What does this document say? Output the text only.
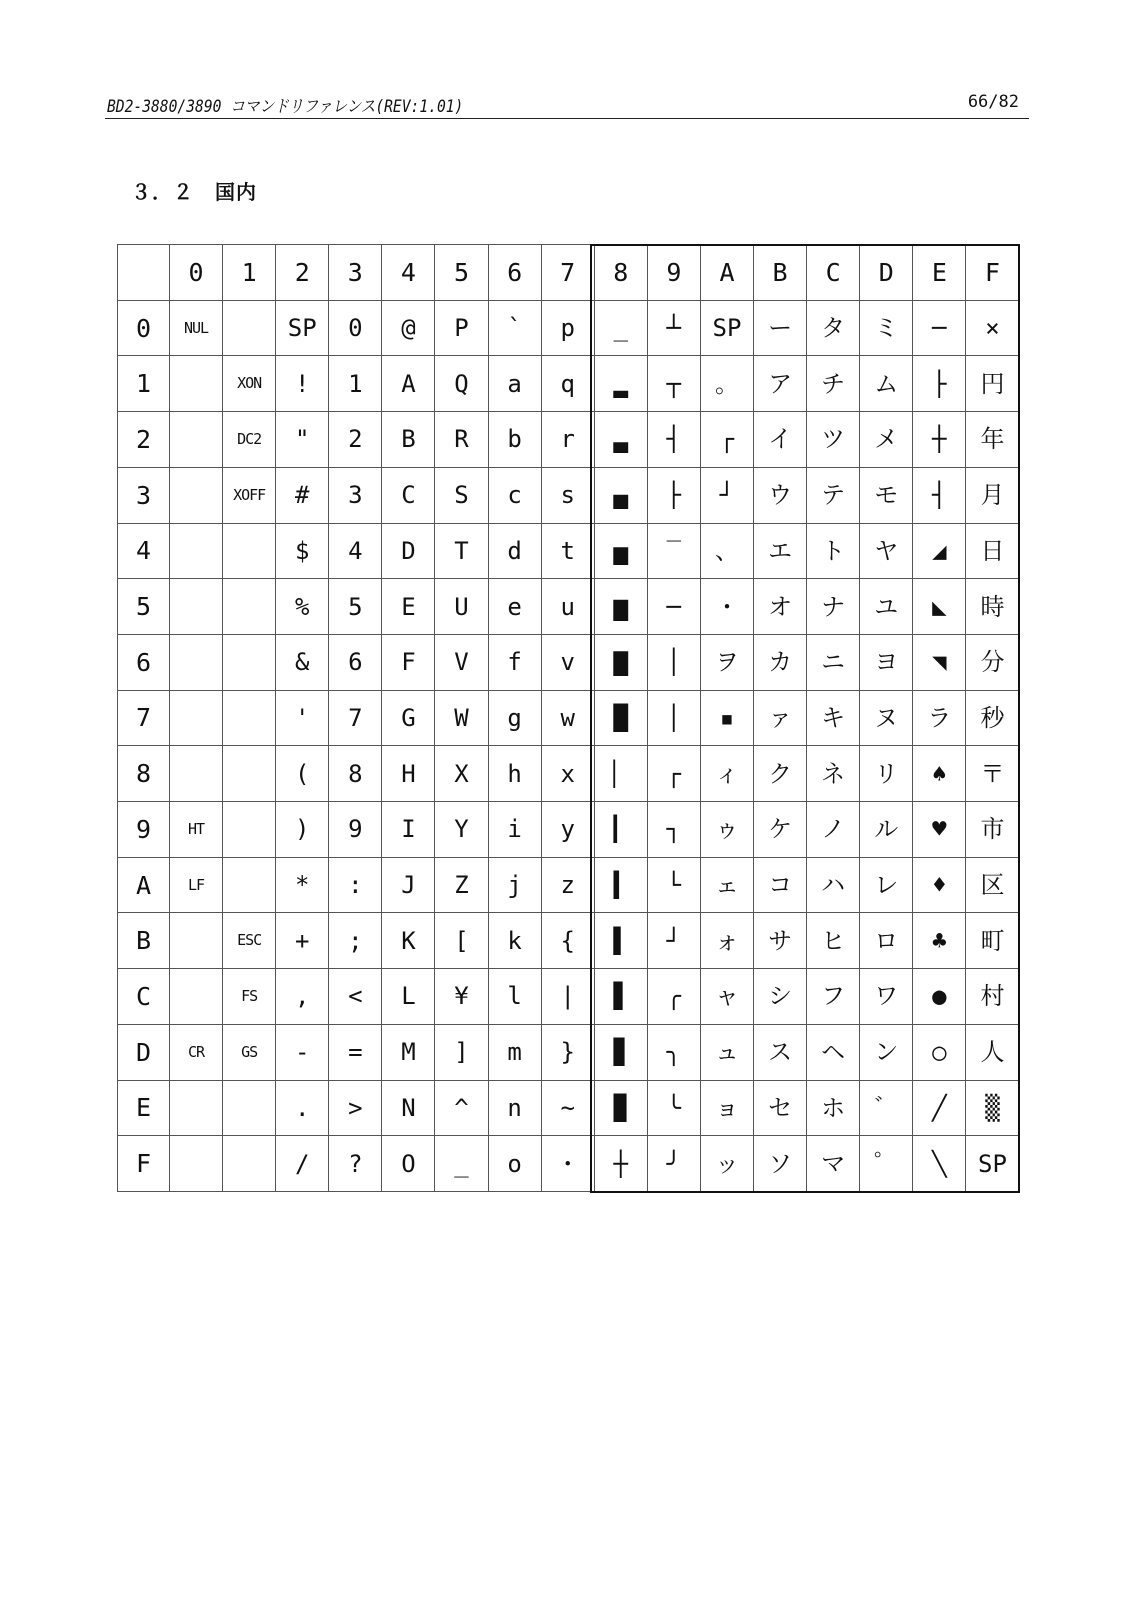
BD2-3880/3890 コマンドリファレンス(REV:1.01)	66/82
３．２　国内
	0	1	2	3	4	5	6	7	8	9	A	B	C	D	E	F
0	NUL		SP	0	@	P	`	p	_	┴	SP	ー	タ	ミ	─	×
1		XON	!	1	A	Q	a	q	▂	┬	。	ア	チ	ム	├	円
2		DC2	"	2	B	R	b	r	▃	┤	┌	イ	ツ	メ	┼	年
3		XOFF	#	3	C	S	c	s	▄	├	┘	ウ	テ	モ	┤	月
4			$	4	D	T	d	t	▅	‾	、	エ	ト	ヤ	◢	日
5			%	5	E	U	e	u	▆	─	・	オ	ナ	ユ	◣	時
6			&	6	F	V	f	v	▇	│	ヲ	カ	ニ	ヨ	◥	分
7			'	7	G	W	g	w	█	│	▪	ァ	キ	ヌ	ラ	秒
8			(	8	H	X	h	x	▏	┌	ィ	ク	ネ	リ	♠	〒
9	HT		)	9	I	Y	i	y	▎	┐	ゥ	ケ	ノ	ル	♥	市
A	LF		*	:	J	Z	j	z	▍	└	ェ	コ	ハ	レ	♦	区
B		ESC	+	;	K	[	k	{	▌	┘	ォ	サ	ヒ	ロ	♣	町
C		FS	,	<	L	¥	l	|	▋	╭	ャ	シ	フ	ワ	●	村
D	CR	GS	-	=	M	]	m	}	▊	╮	ュ	ス	ヘ	ン	○	人
E			.	>	N	^	n	~	▉	╰	ョ	セ	ホ	゛	╱	▒
F			/	?	O	_	o	・	┼	╯	ッ	ソ	マ	゜	╲	SP
